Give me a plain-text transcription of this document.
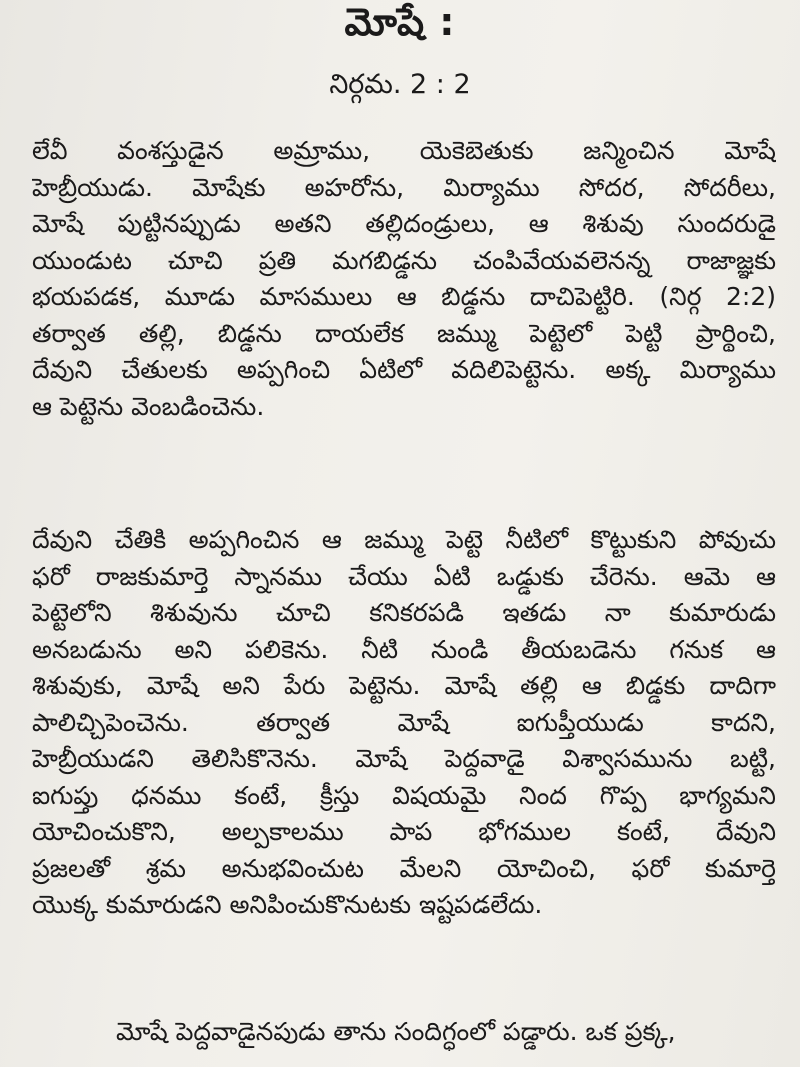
మోషే :
నిర్గమ. 2 : 2
లేవీ వంశస్తుడైన అమ్రాము, యెకెబెతుకు జన్మించిన మోషే
హెబ్రీయుడు. మోషేకు అహరోను, మిర్యాము సోదర, సోదరీలు,
మోషే పుట్టినప్పుడు అతని తల్లిదండ్రులు, ఆ శిశువు సుందరుడై
యుండుట చూచి ప్రతి మగబిడ్డను చంపివేయవలెనన్న రాజాజ్ఞకు
భయపడక, మూడు మాసములు ఆ బిడ్డను దాచిపెట్టిరి. (నిర్గ 2:2)
తర్వాత తల్లి, బిడ్డను దాయలేక జమ్ము పెట్టెలో పెట్టి ప్రార్థించి,
దేవుని చేతులకు అప్పగించి ఏటిలో వదిలిపెట్టెను. అక్క మిర్యాము
ఆ పెట్టెను వెంబడించెను.
దేవుని చేతికి అప్పగించిన ఆ జమ్ము పెట్టె నీటిలో కొట్టుకుని పోవుచు
ఫరో రాజకుమార్తె స్నానము చేయు ఏటి ఒడ్డుకు చేరెను. ఆమె ఆ
పెట్టెలోని శిశువును చూచి కనికరపడి ఇతడు నా కుమారుడు
అనబడును అని పలికెను. నీటి నుండి తీయబడెను గనుక ఆ
శిశువుకు, మోషే అని పేరు పెట్టెను. మోషే తల్లి ఆ బిడ్డకు దాదిగా
పాలిచ్చిపెంచెను. తర్వాత మోషే ఐగుప్తీయుడు కాదని,
హెబ్రీయుడని తెలిసికొనెను. మోషే పెద్దవాడై విశ్వాసమును బట్టి,
ఐగుప్తు ధనము కంటే, క్రీస్తు విషయమై నింద గొప్ప భాగ్యమని
యోచించుకొని, అల్పకాలము పాప భోగముల కంటే, దేవుని
ప్రజలతో శ్రమ అనుభవించుట మేలని యోచించి, ఫరో కుమార్తె
యొక్క కుమారుడని అనిపించుకొనుటకు ఇష్టపడలేదు.
మోషే పెద్దవాడైనపుడు తాను సందిగ్ధంలో పడ్డారు. ఒక ప్రక్క,
